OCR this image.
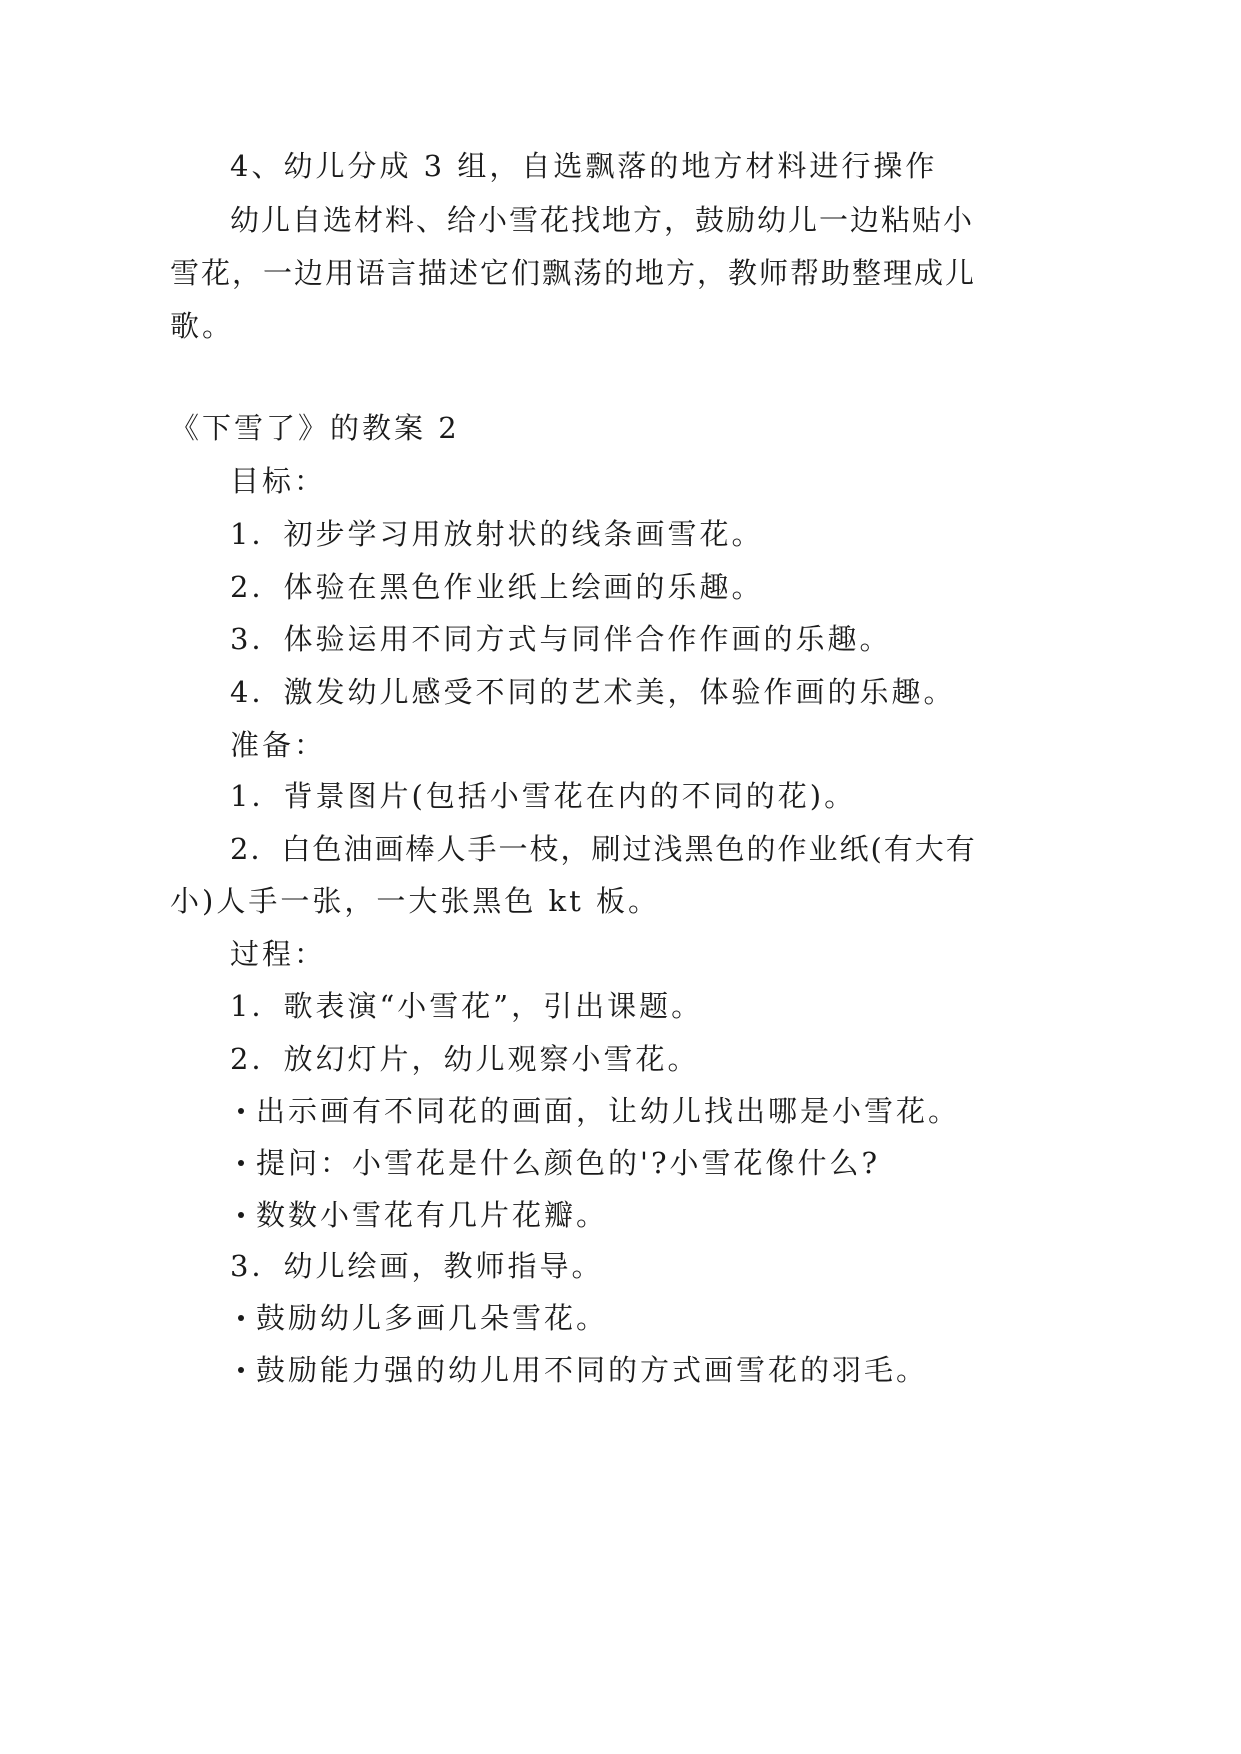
4、幼儿分成 3 组，自选飘落的地方材料进行操作
幼儿自选材料、给小雪花找地方，鼓励幼儿一边粘贴小
雪花，一边用语言描述它们飘荡的地方，教师帮助整理成儿
歌。
《下雪了》的教案 2
目标：
1．初步学习用放射状的线条画雪花。
2．体验在黑色作业纸上绘画的乐趣。
3．体验运用不同方式与同伴合作作画的乐趣。
4．激发幼儿感受不同的艺术美，体验作画的乐趣。
准备：
1．背景图片(包括小雪花在内的不同的花)。
2．白色油画棒人手一枝，刷过浅黑色的作业纸(有大有
小)人手一张，一大张黑色 kt 板。
过程：
1．歌表演“小雪花”，引出课题。
2．放幻灯片，幼儿观察小雪花。
出示画有不同花的画面，让幼儿找出哪是小雪花。
提问：小雪花是什么颜色的'?小雪花像什么?
数数小雪花有几片花瓣。
3．幼儿绘画，教师指导。
鼓励幼儿多画几朵雪花。
鼓励能力强的幼儿用不同的方式画雪花的羽毛。
